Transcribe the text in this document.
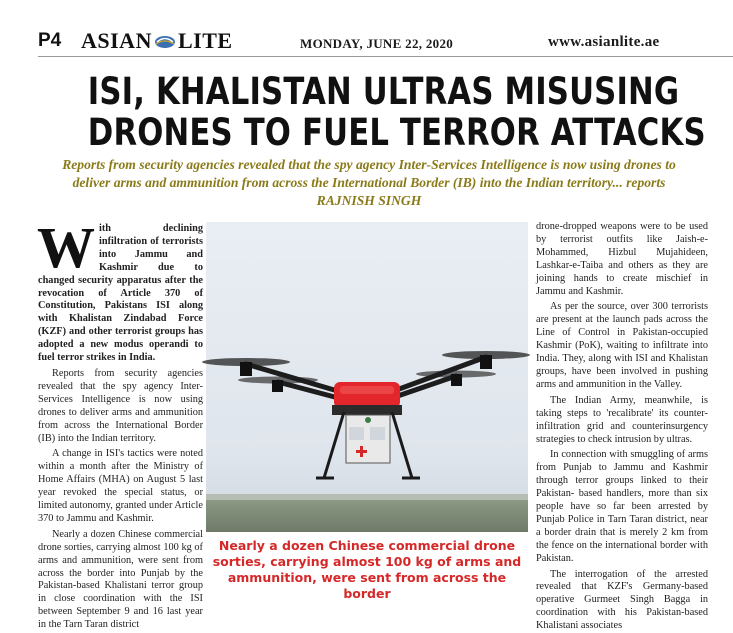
P4 ASIAN LITE	MONDAY, JUNE 22, 2020	www.asianlite.ae
ISI, KHALISTAN ULTRAS MISUSING
DRONES TO FUEL TERROR ATTACKS
Reports from security agencies revealed that the spy agency Inter-Services Intelligence is now using drones to deliver arms and ammunition from across the International Border (IB) into the Indian territory... reports RAJNISH SINGH

With declining infiltration of terrorists into Jammu and Kashmir due to changed security apparatus after the revocation of Article 370 of Constitution, Pakistans ISI along with Khalistan Zindabad Force (KZF) and other terrorist groups has adopted a new modus operandi to fuel terror strikes in India.

Reports from security agencies revealed that the spy agency Inter-Services Intelligence is now using drones to deliver arms and ammunition from across the International Border (IB) into the Indian territory.

A change in ISI's tactics were noted within a month after the Ministry of Home Affairs (MHA) on August 5 last year revoked the special status, or limited autonomy, granted under Article 370 to Jammu and Kashmir.

Nearly a dozen Chinese commercial drone sorties, carrying almost 100 kg of arms and ammunition, were sent from across the border into Punjab by the Pakistan-based Khalistani terror group in close coordination with the ISI between September 9 and 16 last year in the Tarn Taran district

Nearly a dozen Chinese commercial drone sorties, carrying almost 100 kg of arms and ammunition, were sent from across the border

drone-dropped weapons were to be used by terrorist outfits like Jaish-e-Mohammed, Hizbul Mujahideen, Lashkar-e-Taiba and others as they are joining hands to create mischief in Jammu and Kashmir.

As per the source, over 300 terrorists are present at the launch pads across the Line of Control in Pakistan-occupied Kashmir (PoK), waiting to infiltrate into India. They, along with ISI and Khalistan groups, have been involved in pushing arms and ammunition in the Valley.

The Indian Army, meanwhile, is taking steps to 'recalibrate' its counter-infiltration grid and counterinsurgency strategies to check intrusion by ultras.

In connection with smuggling of arms from Punjab to Jammu and Kashmir through terror groups linked to their Pakistan- based handlers, more than six people have so far been arrested by Punjab Police in Tarn Taran district, near a border drain that is merely 2 km from the fence on the international border with Pakistan.

The interrogation of the arrested revealed that KZF's Germany-based operative Gurmeet Singh Bagga in coordination with his Pakistan-based Khalistani associates
